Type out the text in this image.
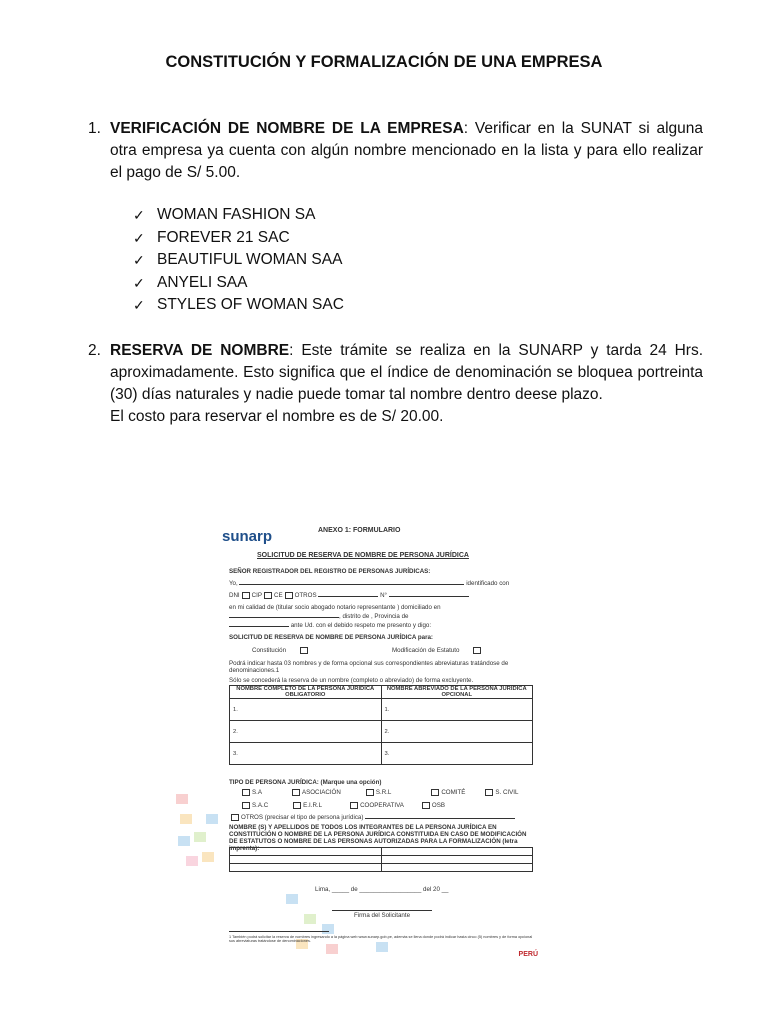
CONSTITUCIÓN Y FORMALIZACIÓN DE UNA EMPRESA
1. VERIFICACIÓN DE NOMBRE DE LA EMPRESA: Verificar en la SUNAT si alguna otra empresa ya cuenta con algún nombre mencionado en la lista y para ello realizar el pago de S/ 5.00.
✓ WOMAN FASHION SA
✓ FOREVER 21 SAC
✓ BEAUTIFUL WOMAN SAA
✓ ANYELI SAA
✓ STYLES OF WOMAN SAC
2. RESERVA DE NOMBRE: Este trámite se realiza en la SUNARP y tarda 24 Hrs. aproximadamente. Esto significa que el índice de denominación se bloquea portreinta (30) días naturales y nadie puede tomar tal nombre dentro deese plazo.
El costo para reservar el nombre es de S/ 20.00.
sunarp	ANEXO 1: FORMULARIO
SOLICITUD DE RESERVA DE NOMBRE DE PERSONA JURÍDICA
SEÑOR REGISTRADOR DEL REGISTRO DE PERSONAS JURÍDICAS:
Yo,	identificado con
DNI CIP CE OTROS	N°
en mi calidad de (titular socio abogado notario representante ) domiciliado en
, distrito de , Provincia de
ante Ud. con el debido respeto me presento y digo:
SOLICITUD DE RESERVA DE NOMBRE DE PERSONA JURÍDICA para:
Constitución	Modificación de Estatuto
Podrá indicar hasta 03 nombres y de forma opcional sus correspondientes abreviaturas tratándose de denominaciones.1
Sólo se concederá la reserva de un nombre (completo o abreviado) de forma excluyente.
NOMBRE COMPLETO DE LA PERSONA JURÍDICA OBLIGATORIO	NOMBRE ABREVIADO DE LA PERSONA JURÍDICA OPCIONAL
1.	1.
2.	2.
3.	3.
TIPO DE PERSONA JURÍDICA: (Marque una opción)
S.A	ASOCIACIÓN	S.R.L	COMITÉ	S. CIVIL
S.A.C	E.I.R.L	COOPERATIVA	OSB
OTROS (precisar el tipo de persona jurídica)
NOMBRE (S) Y APELLIDOS DE TODOS LOS INTEGRANTES DE LA PERSONA JURÍDICA EN CONSTITUCIÓN O NOMBRE DE LA PERSONA JURÍDICA CONSTITUIDA EN CASO DE MODIFICACIÓN DE ESTATUTOS O NOMBRE DE LAS PERSONAS AUTORIZADAS PARA LA FORMALIZACIÓN (letra imprenta):

Lima, _____ de __________________ del 20 __
Firma del Solicitante
1 También podrá solicitar la reserva de nombres ingresando a la página web www.sunarp.gob.pe, además se llena donde podrá indicar hasta cinco (5) nombres y de forma opcional sus abreviaturas tratándose de denominaciones.
PERÚ
